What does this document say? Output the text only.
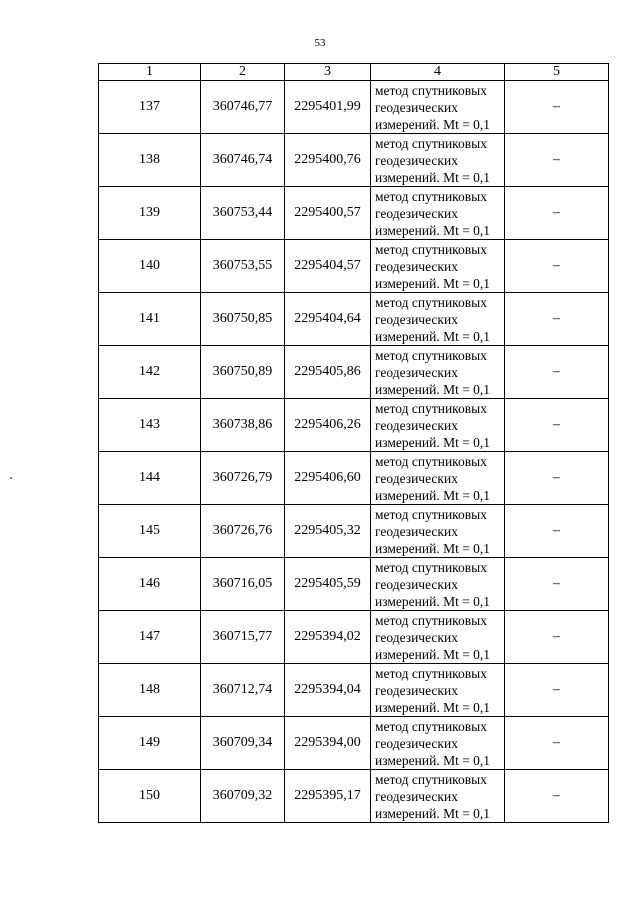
53
1	2	3	4	5
137	360746,77	2295401,99	метод спутниковых
геодезических
измерений. Mt = 0,1	–
138	360746,74	2295400,76	метод спутниковых
геодезических
измерений. Mt = 0,1	–
139	360753,44	2295400,57	метод спутниковых
геодезических
измерений. Mt = 0,1	–
140	360753,55	2295404,57	метод спутниковых
геодезических
измерений. Mt = 0,1	–
141	360750,85	2295404,64	метод спутниковых
геодезических
измерений. Mt = 0,1	–
142	360750,89	2295405,86	метод спутниковых
геодезических
измерений. Mt = 0,1	–
143	360738,86	2295406,26	метод спутниковых
геодезических
измерений. Mt = 0,1	–
144	360726,79	2295406,60	метод спутниковых
геодезических
измерений. Mt = 0,1	–
145	360726,76	2295405,32	метод спутниковых
геодезических
измерений. Mt = 0,1	–
146	360716,05	2295405,59	метод спутниковых
геодезических
измерений. Mt = 0,1	–
147	360715,77	2295394,02	метод спутниковых
геодезических
измерений. Mt = 0,1	–
148	360712,74	2295394,04	метод спутниковых
геодезических
измерений. Mt = 0,1	–
149	360709,34	2295394,00	метод спутниковых
геодезических
измерений. Mt = 0,1	–
150	360709,32	2295395,17	метод спутниковых
геодезических
измерений. Mt = 0,1	–
